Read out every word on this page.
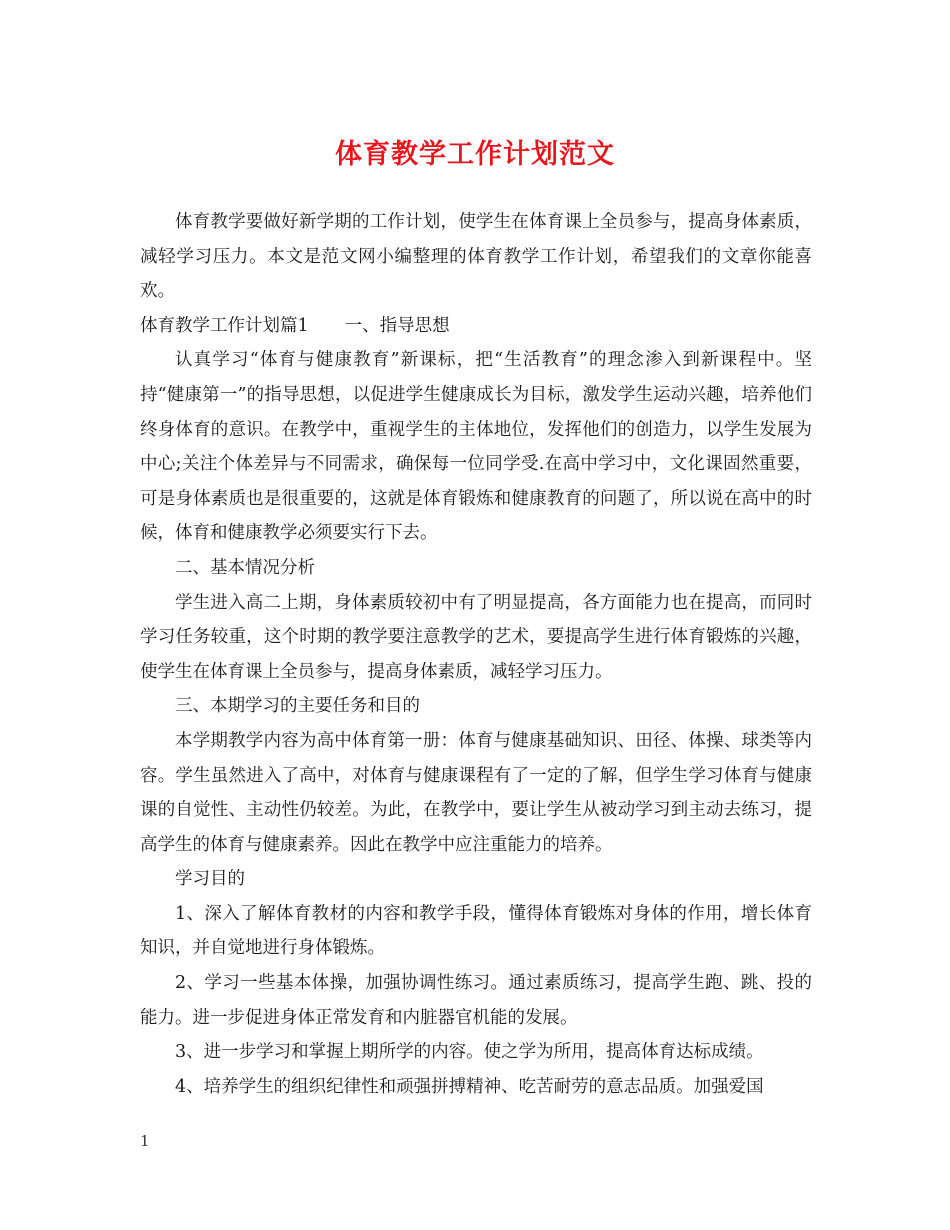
体育教学工作计划范文

体育教学要做好新学期的工作计划，使学生在体育课上全员参与，提高身体素质，减轻学习压力。本文是范文网小编整理的体育教学工作计划，希望我们的文章你能喜欢。

体育教学工作计划篇1 一、指导思想

认真学习“体育与健康教育”新课标，把“生活教育”的理念渗入到新课程中。坚持“健康第一”的指导思想，以促进学生健康成长为目标，激发学生运动兴趣，培养他们终身体育的意识。在教学中，重视学生的主体地位，发挥他们的创造力，以学生发展为中心;关注个体差异与不同需求，确保每一位同学受.在高中学习中，文化课固然重要，可是身体素质也是很重要的，这就是体育锻炼和健康教育的问题了，所以说在高中的时候，体育和健康教学必须要实行下去。

二、基本情况分析

学生进入高二上期，身体素质较初中有了明显提高，各方面能力也在提高，而同时学习任务较重，这个时期的教学要注意教学的艺术，要提高学生进行体育锻炼的兴趣，使学生在体育课上全员参与，提高身体素质，减轻学习压力。

三、本期学习的主要任务和目的

本学期教学内容为高中体育第一册：体育与健康基础知识、田径、体操、球类等内容。学生虽然进入了高中，对体育与健康课程有了一定的了解，但学生学习体育与健康课的自觉性、主动性仍较差。为此，在教学中，要让学生从被动学习到主动去练习，提高学生的体育与健康素养。因此在教学中应注重能力的培养。

学习目的

1、深入了解体育教材的内容和教学手段，懂得体育锻炼对身体的作用，增长体育知识，并自觉地进行身体锻炼。

2、学习一些基本体操，加强协调性练习。通过素质练习，提高学生跑、跳、投的能力。进一步促进身体正常发育和内脏器官机能的发展。

3、进一步学习和掌握上期所学的内容。使之学为所用，提高体育达标成绩。

4、培养学生的组织纪律性和顽强拼搏精神、吃苦耐劳的意志品质。加强爱国

1
